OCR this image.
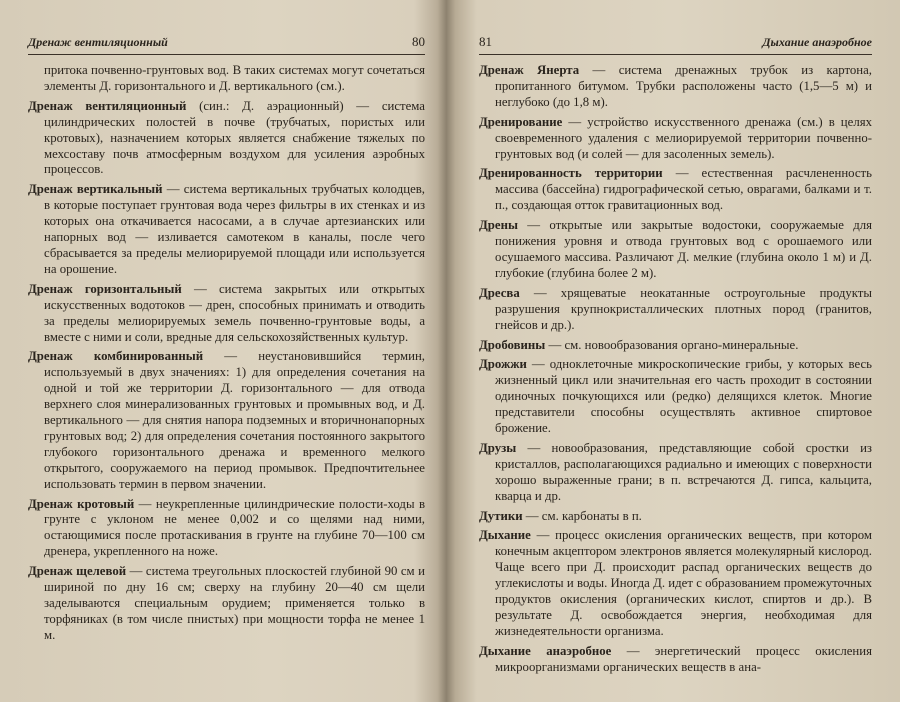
Дренаж вентиляционный	80
притока почвенно-грунтовых вод. В таких системах могут сочетаться элементы Д. горизонтального и Д. вертикального (см.).
Дренаж вентиляционный (син.: Д. аэрационный) — система цилиндрических полостей в почве (трубчатых, пористых или кротовых), назначением которых является снабжение тяжелых по мехсоставу почв атмосферным воздухом для усиления аэробных процессов.
Дренаж вертикальный — система вертикальных трубчатых колодцев, в которые поступает грунтовая вода через фильтры в их стенках и из которых она откачивается насосами, а в случае артезианских или напорных вод — изливается самотеком в каналы, после чего сбрасывается за пределы мелиорируемой площади или используется на орошение.
Дренаж горизонтальный — система закрытых или открытых искусственных водотоков — дрен, способных принимать и отводить за пределы мелиорируемых земель почвенно-грунтовые воды, а вместе с ними и соли, вредные для сельскохозяйственных культур.
Дренаж комбинированный — неустановившийся термин, используемый в двух значениях: 1) для определения сочетания на одной и той же территории Д. горизонтального — для отвода верхнего слоя минерализованных грунтовых и промывных вод, и Д. вертикального — для снятия напора подземных и вторичнонапорных грунтовых вод; 2) для определения сочетания постоянного закрытого глубокого горизонтального дренажа и временного мелкого открытого, сооружаемого на период промывок. Предпочтительнее использовать термин в первом значении.
Дренаж кротовый — неукрепленные цилиндрические полости-ходы в грунте с уклоном не менее 0,002 и со щелями над ними, остающимися после протаскивания в грунте на глубине 70—100 см дренера, укрепленного на ноже.
Дренаж щелевой — система треугольных плоскостей глубиной 90 см и шириной по дну 16 см; сверху на глубину 20—40 см щели заделываются специальным орудием; применяется только в торфяниках (в том числе пнистых) при мощности торфа не менее 1 м.
81	Дыхание анаэробное
Дренаж Янерта — система дренажных трубок из картона, пропитанного битумом. Трубки расположены часто (1,5—5 м) и неглубоко (до 1,8 м).
Дренирование — устройство искусственного дренажа (см.) в целях своевременного удаления с мелиорируемой территории почвенно-грунтовых вод (и солей — для засоленных земель).
Дренированность территории — естественная расчлененность массива (бассейна) гидрографической сетью, оврагами, балками и т. п., создающая отток гравитационных вод.
Дрены — открытые или закрытые водостоки, сооружаемые для понижения уровня и отвода грунтовых вод с орошаемого или осушаемого массива. Различают Д. мелкие (глубина около 1 м) и Д. глубокие (глубина более 2 м).
Дресва — хрящеватые неокатанные остроугольные продукты разрушения крупнокристаллических плотных пород (гранитов, гнейсов и др.).
Дробовины — см. новообразования органо-минеральные.
Дрожжи — одноклеточные микроскопические грибы, у которых весь жизненный цикл или значительная его часть проходит в состоянии одиночных почкующихся или (редко) делящихся клеток. Многие представители способны осуществлять активное спиртовое брожение.
Друзы — новообразования, представляющие собой сростки из кристаллов, располагающихся радиально и имеющих с поверхности хорошо выраженные грани; в п. встречаются Д. гипса, кальцита, кварца и др.
Дутики — см. карбонаты в п.
Дыхание — процесс окисления органических веществ, при котором конечным акцептором электронов является молекулярный кислород. Чаще всего при Д. происходит распад органических веществ до углекислоты и воды. Иногда Д. идет с образованием промежуточных продуктов окисления (органических кислот, спиртов и др.). В результате Д. освобождается энергия, необходимая для жизнедеятельности организма.
Дыхание анаэробное — энергетический процесс окисления микроорганизмами органических веществ в ана-
